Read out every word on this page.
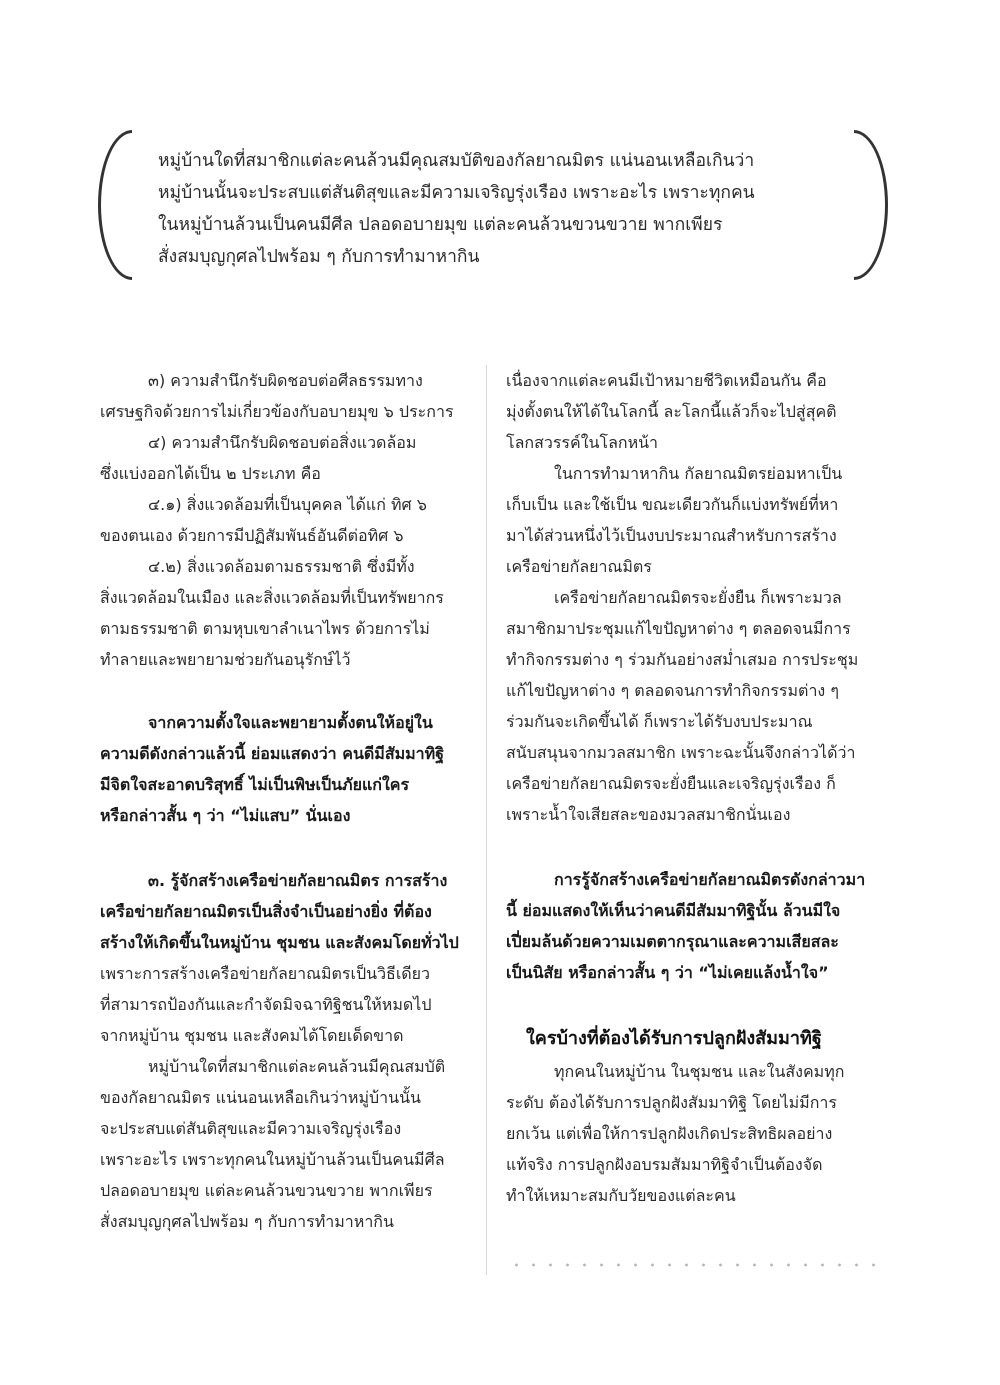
หมู่บ้านใดที่สมาชิกแต่ละคนล้วนมีคุณสมบัติของกัลยาณมิตร แน่นอนเหลือเกินว่า
หมู่บ้านนั้นจะประสบแต่สันติสุขและมีความเจริญรุ่งเรือง เพราะอะไร เพราะทุกคน
ในหมู่บ้านล้วนเป็นคนมีศีล ปลอดอบายมุข แต่ละคนล้วนขวนขวาย พากเพียร
สั่งสมบุญกุศลไปพร้อม ๆ กับการทำมาหากิน
๓) ความสำนึกรับผิดชอบต่อศีลธรรมทาง
เศรษฐกิจด้วยการไม่เกี่ยวข้องกับอบายมุข ๖ ประการ
๔) ความสำนึกรับผิดชอบต่อสิ่งแวดล้อม
ซึ่งแบ่งออกได้เป็น ๒ ประเภท คือ
๔.๑) สิ่งแวดล้อมที่เป็นบุคคล ได้แก่ ทิศ ๖
ของตนเอง ด้วยการมีปฏิสัมพันธ์อันดีต่อทิศ ๖
๔.๒) สิ่งแวดล้อมตามธรรมชาติ ซึ่งมีทั้ง
สิ่งแวดล้อมในเมือง และสิ่งแวดล้อมที่เป็นทรัพยากร
ตามธรรมชาติ ตามหุบเขาลำเนาไพร ด้วยการไม่
ทำลายและพยายามช่วยกันอนุรักษ์ไว้
จากความตั้งใจและพยายามตั้งตนให้อยู่ใน
ความดีดังกล่าวแล้วนี้ ย่อมแสดงว่า คนดีมีสัมมาทิฐิ
มีจิตใจสะอาดบริสุทธิ์ ไม่เป็นพิษเป็นภัยแก่ใคร
หรือกล่าวสั้น ๆ ว่า “ไม่แสบ” นั่นเอง
๓. รู้จักสร้างเครือข่ายกัลยาณมิตร การสร้าง
เครือข่ายกัลยาณมิตรเป็นสิ่งจำเป็นอย่างยิ่ง ที่ต้อง
สร้างให้เกิดขึ้นในหมู่บ้าน ชุมชน และสังคมโดยทั่วไป
เพราะการสร้างเครือข่ายกัลยาณมิตรเป็นวิธีเดียว
ที่สามารถป้องกันและกำจัดมิจฉาทิฐิชนให้หมดไป
จากหมู่บ้าน ชุมชน และสังคมได้โดยเด็ดขาด
หมู่บ้านใดที่สมาชิกแต่ละคนล้วนมีคุณสมบัติ
ของกัลยาณมิตร แน่นอนเหลือเกินว่าหมู่บ้านนั้น
จะประสบแต่สันติสุขและมีความเจริญรุ่งเรือง
เพราะอะไร เพราะทุกคนในหมู่บ้านล้วนเป็นคนมีศีล
ปลอดอบายมุข แต่ละคนล้วนขวนขวาย พากเพียร
สั่งสมบุญกุศลไปพร้อม ๆ กับการทำมาหากิน
เนื่องจากแต่ละคนมีเป้าหมายชีวิตเหมือนกัน คือ
มุ่งตั้งตนให้ได้ในโลกนี้ ละโลกนี้แล้วก็จะไปสู่สุคติ
โลกสวรรค์ในโลกหน้า
ในการทำมาหากิน กัลยาณมิตรย่อมหาเป็น
เก็บเป็น และใช้เป็น ขณะเดียวกันก็แบ่งทรัพย์ที่หา
มาได้ส่วนหนึ่งไว้เป็นงบประมาณสำหรับการสร้าง
เครือข่ายกัลยาณมิตร
เครือข่ายกัลยาณมิตรจะยั่งยืน ก็เพราะมวล
สมาชิกมาประชุมแก้ไขปัญหาต่าง ๆ ตลอดจนมีการ
ทำกิจกรรมต่าง ๆ ร่วมกันอย่างสม่ำเสมอ การประชุม
แก้ไขปัญหาต่าง ๆ ตลอดจนการทำกิจกรรมต่าง ๆ
ร่วมกันจะเกิดขึ้นได้ ก็เพราะได้รับงบประมาณ
สนับสนุนจากมวลสมาชิก เพราะฉะนั้นจึงกล่าวได้ว่า
เครือข่ายกัลยาณมิตรจะยั่งยืนและเจริญรุ่งเรือง ก็
เพราะน้ำใจเสียสละของมวลสมาชิกนั่นเอง
การรู้จักสร้างเครือข่ายกัลยาณมิตรดังกล่าวมา
นี้ ย่อมแสดงให้เห็นว่าคนดีมีสัมมาทิฐินั้น ล้วนมีใจ
เปี่ยมล้นด้วยความเมตตากรุณาและความเสียสละ
เป็นนิสัย หรือกล่าวสั้น ๆ ว่า “ไม่เคยแล้งน้ำใจ”
ใครบ้างที่ต้องได้รับการปลูกฝังสัมมาทิฐิ
ทุกคนในหมู่บ้าน ในชุมชน และในสังคมทุก
ระดับ ต้องได้รับการปลูกฝังสัมมาทิฐิ โดยไม่มีการ
ยกเว้น แต่เพื่อให้การปลูกฝังเกิดประสิทธิผลอย่าง
แท้จริง การปลูกฝังอบรมสัมมาทิฐิจำเป็นต้องจัด
ทำให้เหมาะสมกับวัยของแต่ละคน
